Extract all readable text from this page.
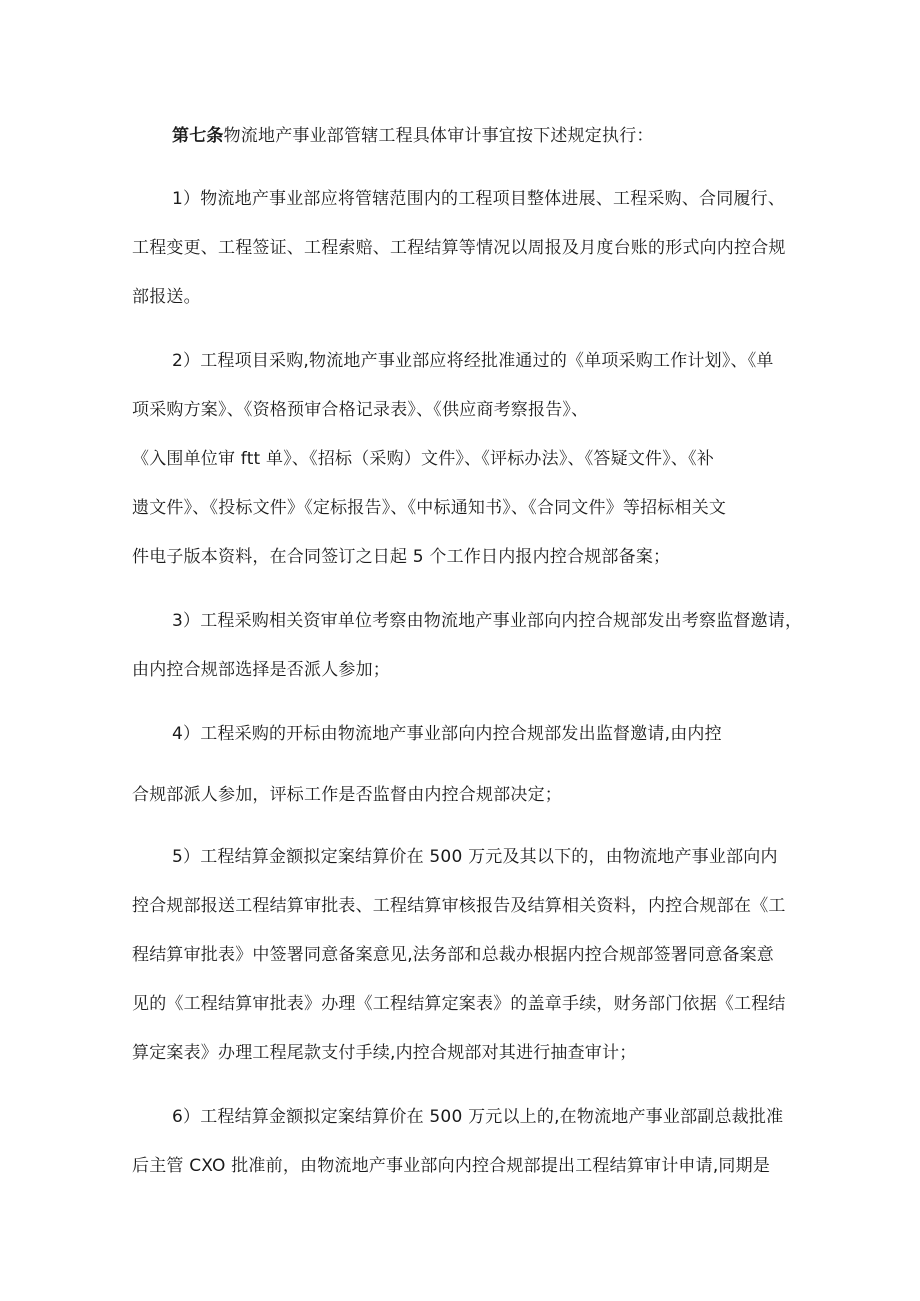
第七条物流地产事业部管辖工程具体审计事宜按下述规定执行：

1）物流地产事业部应将管辖范围内的工程项目整体进展、工程采购、合同履行、

工程变更、工程签证、工程索赔、工程结算等情况以周报及月度台账的形式向内控合规

部报送。

2）工程项目采购,物流地产事业部应将经批准通过的《单项采购工作计划》、《单

项采购方案》、《资格预审合格记录表》、《供应商考察报告》、

《入围单位审 ftt 单》、《招标（采购）文件》、《评标办法》、《答疑文件》、《补

遗文件》、《投标文件》《定标报告》、《中标通知书》、《合同文件》等招标相关文

件电子版本资料，在合同签订之日起 5 个工作日内报内控合规部备案；

3）工程采购相关资审单位考察由物流地产事业部向内控合规部发出考察监督邀请，

由内控合规部选择是否派人参加；

4）工程采购的开标由物流地产事业部向内控合规部发出监督邀请,由内控

合规部派人参加，评标工作是否监督由内控合规部决定；

5）工程结算金额拟定案结算价在 500 万元及其以下的，由物流地产事业部向内

控合规部报送工程结算审批表、工程结算审核报告及结算相关资料，内控合规部在《工

程结算审批表》中签署同意备案意见,法务部和总裁办根据内控合规部签署同意备案意

见的《工程结算审批表》办理《工程结算定案表》的盖章手续，财务部门依据《工程结

算定案表》办理工程尾款支付手续,内控合规部对其进行抽查审计；

6）工程结算金额拟定案结算价在 500 万元以上的,在物流地产事业部副总裁批准

后主管 CXO 批准前，由物流地产事业部向内控合规部提出工程结算审计申请,同期是
